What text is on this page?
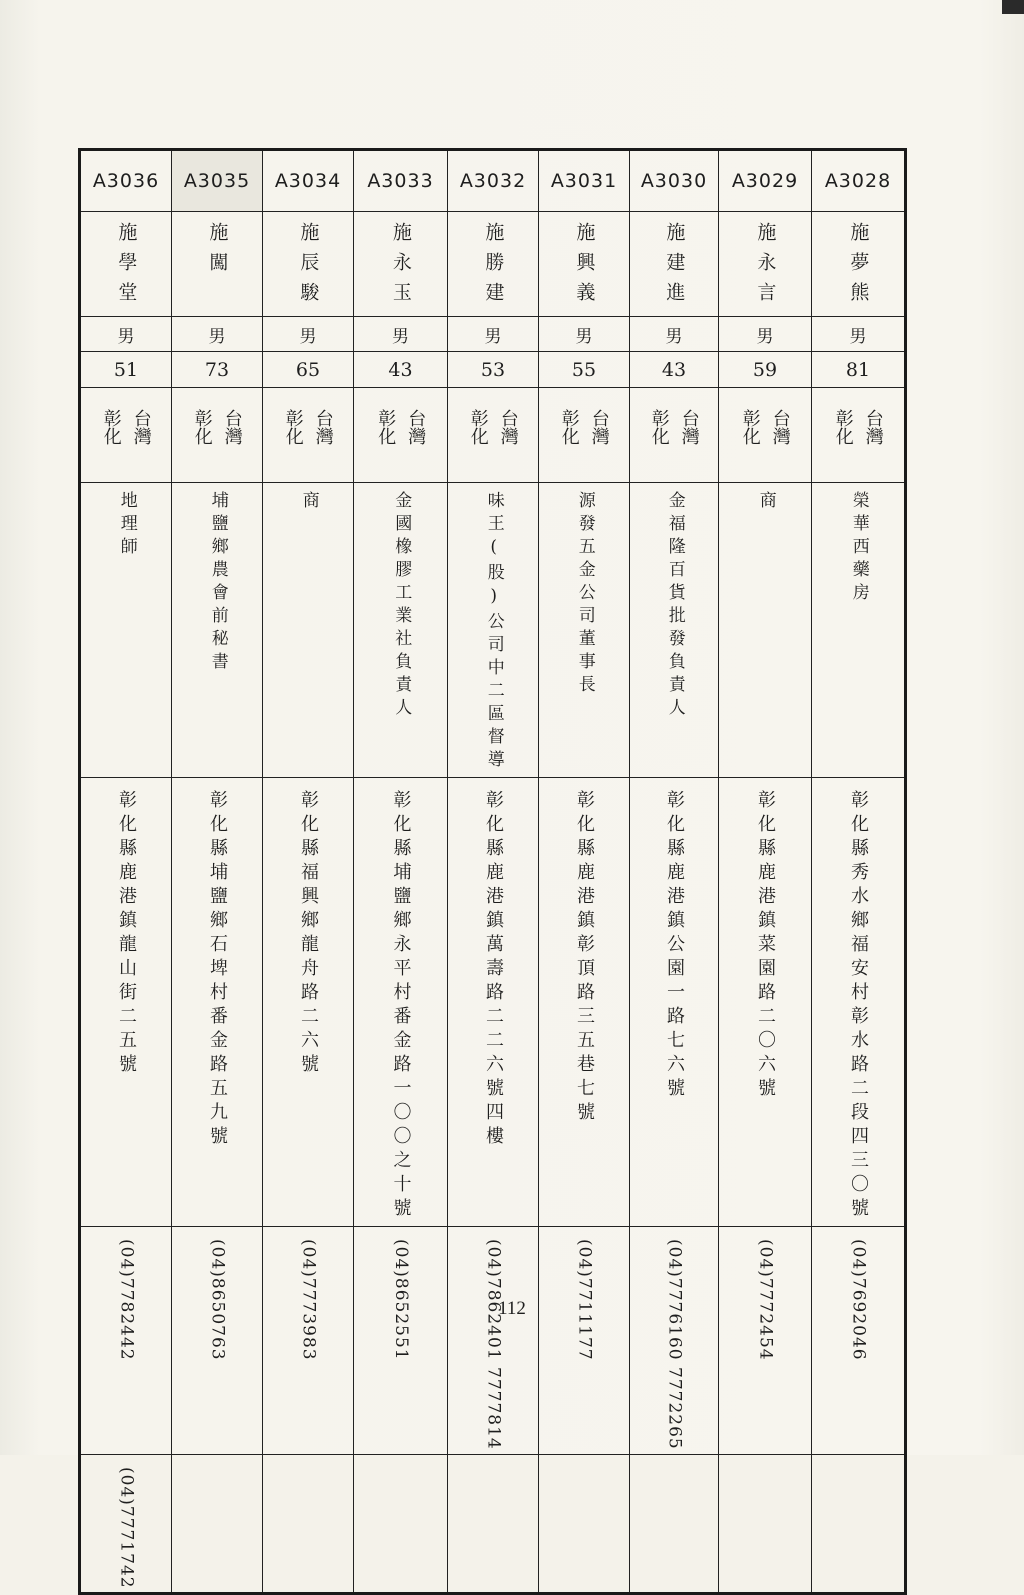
A3036	A3035	A3034	A3033	A3032	A3031	A3030	A3029	A3028
施學堂	施闖	施辰駿	施永玉	施勝建	施興義	施建進	施永言	施夢熊
男	男	男	男	男	男	男	男	男
51	73	65	43	53	55	43	59	81

彰化 台灣	彰化 台灣	彰化 台灣	彰化 台灣	彰化 台灣	彰化 台灣	彰化 台灣	彰化 台灣	彰化 台灣

地理師	埔鹽鄉農會前秘書	商	金國橡膠工業社負責人	味王(股)公司中二區督導	源發五金公司董事長	金福隆百貨批發負責人	商	榮華西藥房
彰化縣鹿港鎮龍山街二五號	彰化縣埔鹽鄉石埤村番金路五九號	彰化縣福興鄉龍舟路二六號	彰化縣埔鹽鄉永平村番金路一〇〇之十號	彰化縣鹿港鎮萬壽路二二六號四樓	彰化縣鹿港鎮彰頂路三五巷七號	彰化縣鹿港鎮公園一路七六號	彰化縣鹿港鎮菜園路二〇六號	彰化縣秀水鄉福安村彰水路二段四三〇號
(04)7782442	(04)8650763	(04)7773983	(04)8652551	(04)7862401 7777814	(04)7711177	(04)7776160 7772265	(04)7772454	(04)7692046
(04)7771742								
112
